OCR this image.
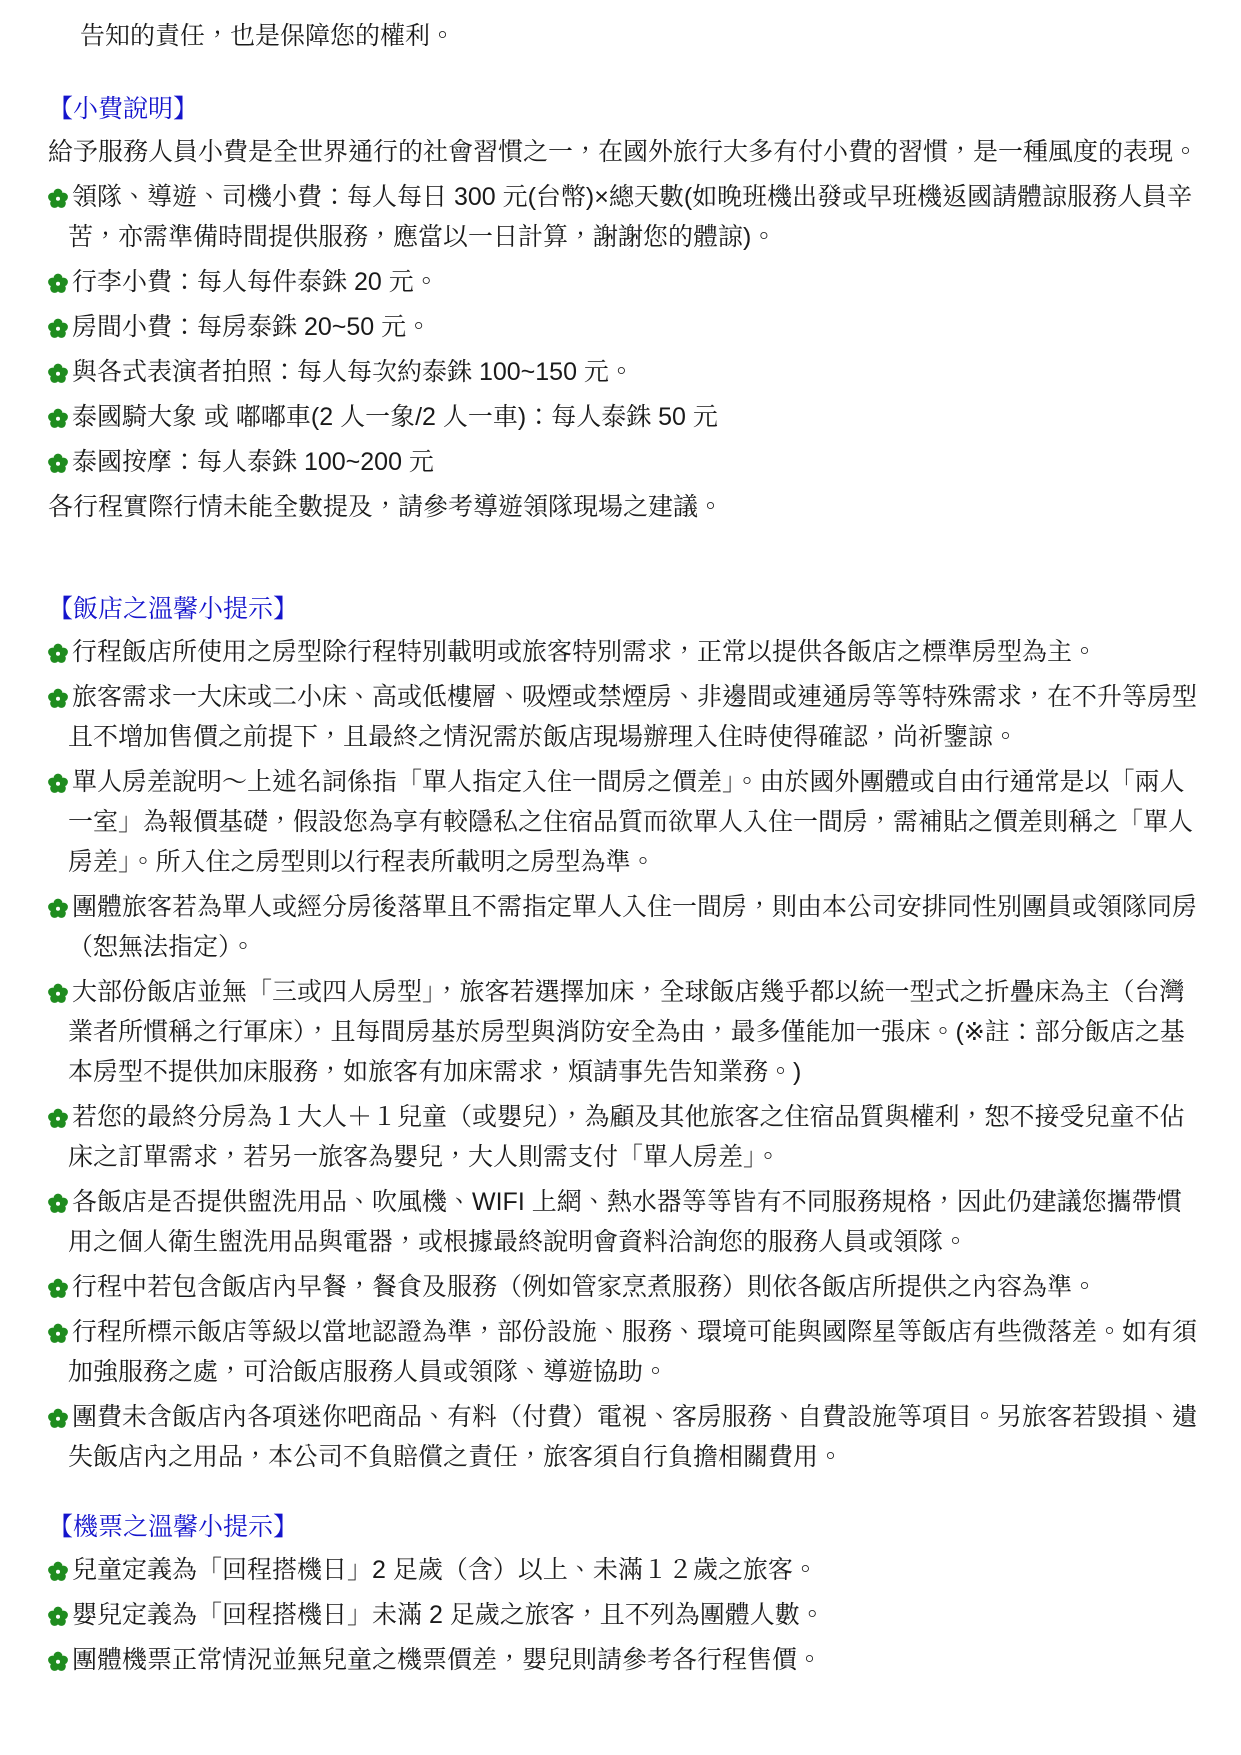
告知的責任，也是保障您的權利。

【小費說明】

給予服務人員小費是全世界通行的社會習慣之一，在國外旅行大多有付小費的習慣，是一種風度的表現。

領隊、導遊、司機小費：每人每日 300 元(台幣)×總天數(如晚班機出發或早班機返國請體諒服務人員辛苦，亦需準備時間提供服務，應當以一日計算，謝謝您的體諒)。

行李小費：每人每件泰銖 20 元。

房間小費：每房泰銖 20~50 元。

與各式表演者拍照：每人每次約泰銖 100~150 元。

泰國騎大象 或 嘟嘟車(2 人一象/2 人一車)：每人泰銖 50 元

泰國按摩：每人泰銖 100~200 元

各行程實際行情未能全數提及，請參考導遊領隊現場之建議。

【飯店之溫馨小提示】

行程飯店所使用之房型除行程特別載明或旅客特別需求，正常以提供各飯店之標準房型為主。

旅客需求一大床或二小床、高或低樓層、吸煙或禁煙房、非邊間或連通房等等特殊需求，在不升等房型且不增加售價之前提下，且最終之情況需於飯店現場辦理入住時使得確認，尚祈鑒諒。

單人房差說明～上述名詞係指「單人指定入住一間房之價差」。由於國外團體或自由行通常是以「兩人一室」為報價基礎，假設您為享有較隱私之住宿品質而欲單人入住一間房，需補貼之價差則稱之「單人房差」。所入住之房型則以行程表所載明之房型為準。

團體旅客若為單人或經分房後落單且不需指定單人入住一間房，則由本公司安排同性別團員或領隊同房（恕無法指定）。

大部份飯店並無「三或四人房型」，旅客若選擇加床，全球飯店幾乎都以統一型式之折疊床為主（台灣業者所慣稱之行軍床），且每間房基於房型與消防安全為由，最多僅能加一張床。(※註：部分飯店之基本房型不提供加床服務，如旅客有加床需求，煩請事先告知業務。)

若您的最終分房為１大人＋１兒童（或嬰兒），為顧及其他旅客之住宿品質與權利，恕不接受兒童不佔床之訂單需求，若另一旅客為嬰兒，大人則需支付「單人房差」。

各飯店是否提供盥洗用品、吹風機、WIFI 上網、熱水器等等皆有不同服務規格，因此仍建議您攜帶慣用之個人衛生盥洗用品與電器，或根據最終說明會資料洽詢您的服務人員或領隊。

行程中若包含飯店內早餐，餐食及服務（例如管家烹煮服務）則依各飯店所提供之內容為準。

行程所標示飯店等級以當地認證為準，部份設施、服務、環境可能與國際星等飯店有些微落差。如有須加強服務之處，可洽飯店服務人員或領隊、導遊協助。

團費未含飯店內各項迷你吧商品、有料（付費）電視、客房服務、自費設施等項目。另旅客若毀損、遺失飯店內之用品，本公司不負賠償之責任，旅客須自行負擔相關費用。

【機票之溫馨小提示】

兒童定義為「回程搭機日」2 足歲（含）以上、未滿１２歲之旅客。

嬰兒定義為「回程搭機日」未滿 2 足歲之旅客，且不列為團體人數。

團體機票正常情況並無兒童之機票價差，嬰兒則請參考各行程售價。
